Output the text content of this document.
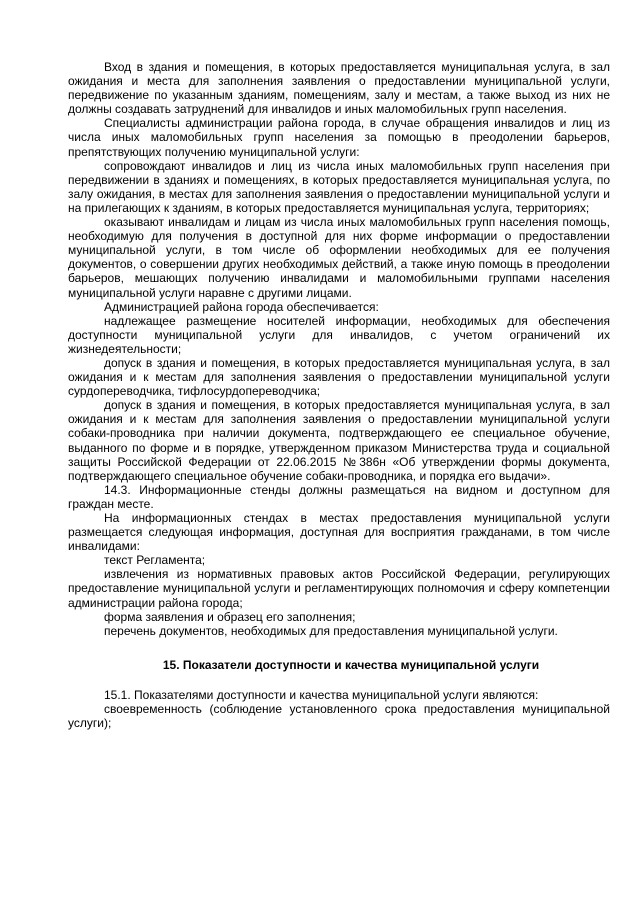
Вход в здания и помещения, в которых предоставляется муниципальная услуга, в зал ожидания и места для заполнения заявления о предоставлении муниципальной услуги, передвижение по указанным зданиям, помещениям, залу и местам, а также выход из них не должны создавать затруднений для инвалидов и иных маломобильных групп населения.

Специалисты администрации района города, в случае обращения инвалидов и лиц из числа иных маломобильных групп населения за помощью в преодолении барьеров, препятствующих получению муниципальной услуги:

сопровождают инвалидов и лиц из числа иных маломобильных групп населения при передвижении в зданиях и помещениях, в которых предоставляется муниципальная услуга, по залу ожидания, в местах для заполнения заявления о предоставлении муниципальной услуги и на прилегающих к зданиям, в которых предоставляется муниципальная услуга, территориях;

оказывают инвалидам и лицам из числа иных маломобильных групп населения помощь, необходимую для получения в доступной для них форме информации о предоставлении муниципальной услуги, в том числе об оформлении необходимых для ее получения документов, о совершении других необходимых действий, а также иную помощь в преодолении барьеров, мешающих получению инвалидами и маломобильными группами населения муниципальной услуги наравне с другими лицами.

Администрацией района города обеспечивается:

надлежащее размещение носителей информации, необходимых для обеспечения доступности муниципальной услуги для инвалидов, с учетом ограничений их жизнедеятельности;

допуск в здания и помещения, в которых предоставляется муниципальная услуга, в зал ожидания и к местам для заполнения заявления о предоставлении муниципальной услуги сурдопереводчика, тифлосурдопереводчика;

допуск в здания и помещения, в которых предоставляется муниципальная услуга, в зал ожидания и к местам для заполнения заявления о предоставлении муниципальной услуги собаки-проводника при наличии документа, подтверждающего ее специальное обучение, выданного по форме и в порядке, утвержденном приказом Министерства труда и социальной защиты Российской Федерации от 22.06.2015 №386н «Об утверждении формы документа, подтверждающего специальное обучение собаки-проводника, и порядка его выдачи».

14.3. Информационные стенды должны размещаться на видном и доступном для граждан месте.

На информационных стендах в местах предоставления муниципальной услуги размещается следующая информация, доступная для восприятия гражданами, в том числе инвалидами:

текст Регламента;

извлечения из нормативных правовых актов Российской Федерации, регулирующих предоставление муниципальной услуги и регламентирующих полномочия и сферу компетенции администрации района города;

форма заявления и образец его заполнения;

перечень документов, необходимых для предоставления муниципальной услуги.

15. Показатели доступности и качества муниципальной услуги

15.1. Показателями доступности и качества муниципальной услуги являются:

своевременность (соблюдение установленного срока предоставления муниципальной услуги);
